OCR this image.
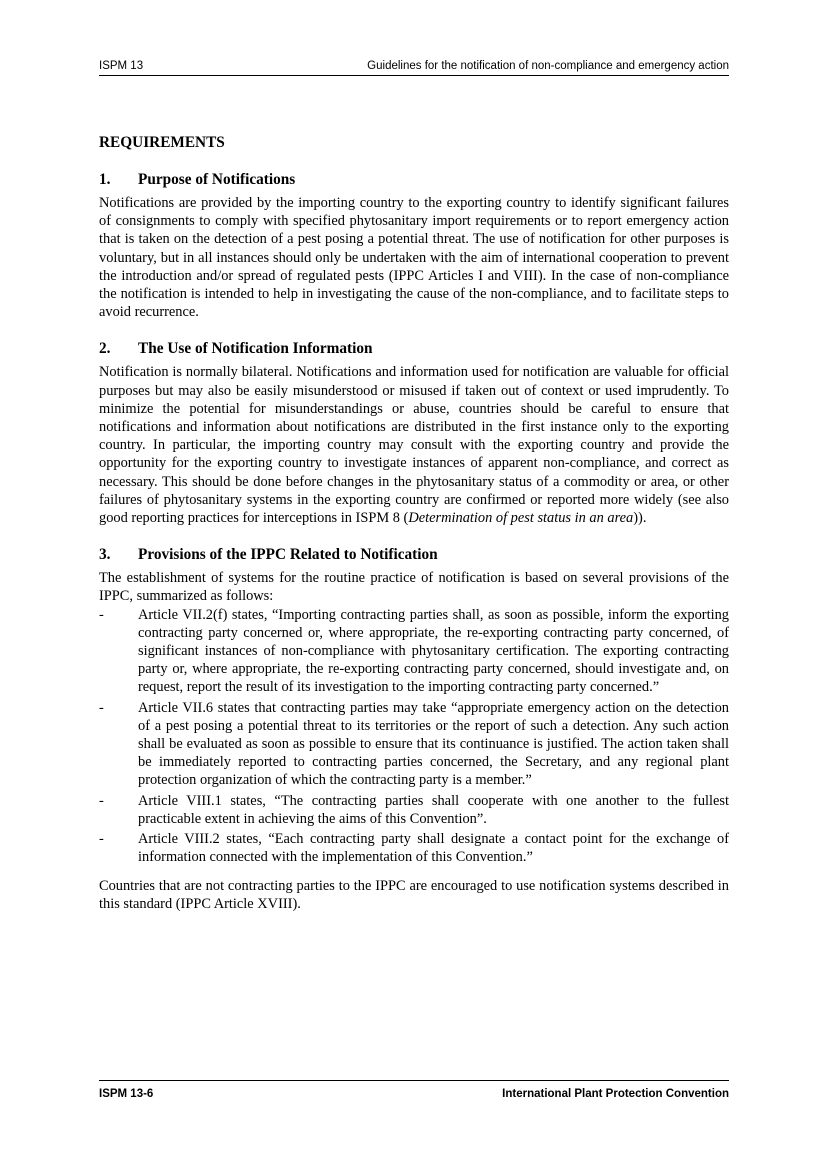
ISPM 13	Guidelines for the notification of non-compliance and emergency action
REQUIREMENTS
1. Purpose of Notifications

Notifications are provided by the importing country to the exporting country to identify significant failures of consignments to comply with specified phytosanitary import requirements or to report emergency action that is taken on the detection of a pest posing a potential threat. The use of notification for other purposes is voluntary, but in all instances should only be undertaken with the aim of international cooperation to prevent the introduction and/or spread of regulated pests (IPPC Articles I and VIII). In the case of non-compliance the notification is intended to help in investigating the cause of the non-compliance, and to facilitate steps to avoid recurrence.

2. The Use of Notification Information

Notification is normally bilateral. Notifications and information used for notification are valuable for official purposes but may also be easily misunderstood or misused if taken out of context or used imprudently. To minimize the potential for misunderstandings or abuse, countries should be careful to ensure that notifications and information about notifications are distributed in the first instance only to the exporting country. In particular, the importing country may consult with the exporting country and provide the opportunity for the exporting country to investigate instances of apparent non-compliance, and correct as necessary. This should be done before changes in the phytosanitary status of a commodity or area, or other failures of phytosanitary systems in the exporting country are confirmed or reported more widely (see also good reporting practices for interceptions in ISPM 8 (Determination of pest status in an area)).

3. Provisions of the IPPC Related to Notification

The establishment of systems for the routine practice of notification is based on several provisions of the IPPC, summarized as follows:

- Article VII.2(f) states, “Importing contracting parties shall, as soon as possible, inform the exporting contracting party concerned or, where appropriate, the re-exporting contracting party concerned, of significant instances of non-compliance with phytosanitary certification. The exporting contracting party or, where appropriate, the re-exporting contracting party concerned, should investigate and, on request, report the result of its investigation to the importing contracting party concerned.”
- Article VII.6 states that contracting parties may take “appropriate emergency action on the detection of a pest posing a potential threat to its territories or the report of such a detection. Any such action shall be evaluated as soon as possible to ensure that its continuance is justified. The action taken shall be immediately reported to contracting parties concerned, the Secretary, and any regional plant protection organization of which the contracting party is a member.”
- Article VIII.1 states, “The contracting parties shall cooperate with one another to the fullest practicable extent in achieving the aims of this Convention”.
- Article VIII.2 states, “Each contracting party shall designate a contact point for the exchange of information connected with the implementation of this Convention.”

Countries that are not contracting parties to the IPPC are encouraged to use notification systems described in this standard (IPPC Article XVIII).

ISPM 13-6	International Plant Protection Convention
